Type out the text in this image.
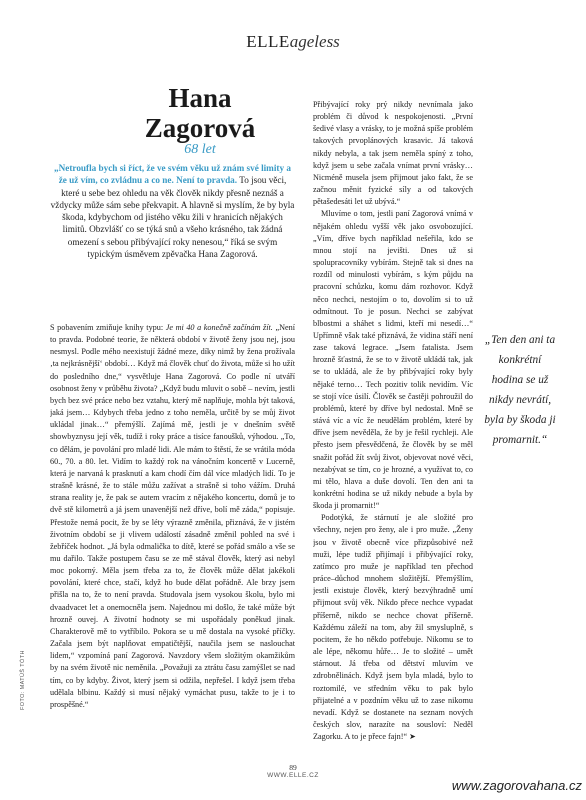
ELLEageless
Hana Zagorová
68 let
„Netroufla bych si říct, že ve svém věku už znám své limity a že už vím, co zvládnu a co ne. Není to pravda. To jsou věci, které u sebe bez ohledu na věk člověk nikdy přesně neznáš a vždycky může sám sebe překvapit. A hlavně si myslím, že by byla škoda, kdybychom od jistého věku žili v hranicích nějakých limitů. Obzvlášť co se týká snů a všeho krásného, tak žádná omezení s sebou přibývající roky nenesou,“ říká se svým typickým úsměvem zpěvačka Hana Zagorová.

S pobavením zmiňuje knihy typu: Je mi 40 a konečně začínám žít. „Není to pravda. Podobné teorie, že některá období v životě ženy jsou nej, jsou nesmysl. Podle mého neexistují žádné meze, díky nimž by žena prožívala ‚ta nejkrásnější‘ období… Když má člověk chuť do života, může si ho užít do posledního dne,“ vysvětluje Hana Zagorová. Co podle ní utváří osobnost ženy v průběhu života? „Když budu mluvit o sobě – nevím, jestli bych bez své práce nebo bez vztahu, který mě naplňuje, mohla být taková, jaká jsem… Kdybych třeba jedno z toho neměla, určitě by se můj život ukládal jinak…“ přemýšlí. Zajímá mě, jestli je v dnešním světě showbyznysu její věk, tudíž i roky práce a tisíce fanoušků, výhodou. „To, co dělám, je povolání pro mladé lidi. Ale mám to štěstí, že se vrátila móda 60., 70. a 80. let. Vidím to každý rok na vánočním koncertě v Lucerně, která je narvaná k prasknutí a kam chodí čím dál více mladých lidí. To je strašně krásné, že to stále můžu zažívat a strašně si toho vážím. Druhá strana reality je, že pak se autem vracím z nějakého koncertu, domů je to dvě stě kilometrů a já jsem unavenější než dříve, bolí mě záda,“ popisuje. Přestože nemá pocit, že by se léty výrazně změnila, přiznává, že v jistém životním období se ji vlivem událostí zásadně změnil pohled na své i žebříček hodnot. „Já byla odmalička to dítě, které se pořád smálo a vše se mu dařilo. Takže postupem času se ze mě stával člověk, který asi nebyl moc pokorný. Měla jsem třeba za to, že člověk může dělat jakékoli povolání, které chce, stačí, když ho bude dělat pořádně. Ale brzy jsem přišla na to, že to není pravda. Studovala jsem vysokou školu, bylo mi dvaadvacet let a onemocněla jsem. Najednou mi došlo, že také může být hrozně ouvej. A životní hodnoty se mi uspořádaly poněkud jinak. Charakterově mě to vytříbilo. Pokora se u mě dostala na vysoké příčky. Začala jsem být naplňovat empatičtější, naučila jsem se naslouchat lidem,“ vzpomíná paní Zagorová. Navzdory všem složitým okamžikům by na svém životě nic neměnila. „Považuji za ztrátu času zamýšlet se nad tím, co by kdyby. Život, který jsem si odžila, nepřešel. I když jsem třeba udělala blbinu. Každý si musí nějaký vymáchat pusu, takže to je i to prospěšné.“

Přibývající roky prý nikdy nevnímala jako problém či důvod k nespokojenosti. „První šedivé vlasy a vrásky, to je možná spíše problém takových prvoplánových krasavic. Já taková nikdy nebyla, a tak jsem neměla spíný z toho, když jsem u sebe začala vnímat první vrásky… Nicméně musela jsem přijmout jako fakt, že se začnou měnit fyzické síly a od takových pětašedesáti let už ubývá.“

Mluvíme o tom, jestli paní Zagorová vnímá v nějakém ohledu vyšší věk jako osvobozující. „Vím, dříve bych například nešeřila, kdo se mnou stojí na jevišti. Dnes už si spolupracovníky vybírám. Stejně tak si dnes na rozdíl od minulosti vybírám, s kým půjdu na pracovní schůzku, komu dám rozhovor. Když něco nechci, nestojím o to, dovolím si to už odmítnout. To je posun. Nechci se zabývat blbostmi a sháhet s lidmi, kteří mi nesedí…“ Upřímně však také přiznává, že vidina stáří není zase taková legrace. „Jsem fatalista. Jsem hrozně šťastná, že se to v životě ukládá tak, jak se to ukládá, ale že by přibývající roky byly nějaké terno… Tech pozitiv tolik nevidím. Víc se stojí více úsilí. Člověk se častěji pohroužil do problémů, které by dříve byl nedostal. Mně se stává víc a víc že neudělám problém, které by dříve jsem nevěděla, že by je řešil rychleji. Ale přesto jsem přesvědčená, že člověk by se měl snažit pořád žít svůj život, objevovat nové věci, nezabývat se tím, co je hrozné, a využívat to, co mi tělo, hlava a duše dovolí. Ten den ani ta konkrétní hodina se už nikdy nebude a byla by škoda ji promarnit!“

Podotýká, že stárnutí je ale složité pro všechny, nejen pro ženy, ale i pro muže. „Ženy jsou v životě obecně více přizpůsobivé než muži, lépe tudíž přijímají i přibývající roky, zatímco pro muže je například ten přechod práce–důchod mnohem složitější. Přemýšlím, jestli existuje člověk, který bezvýhradně umí přijmout svůj věk. Nikdo přece nechce vypadat příšerně, nikdo se nechce chovat příšerně. Každému záleží na tom, aby žil smysluplně, s pocitem, že ho někdo potřebuje. Nikomu se to ale lépe, někomu hůře… Je to složité – umět stárnout. Já třeba od dětství mluvím ve zdrobnělinách. Když jsem byla mladá, bylo to roztomilé, ve středním věku to pak bylo přijatelné a v pozdním věku už to zase nikomu nevadí. Když se dostanete na seznam nových českých slov, narazíte na sousloví: Neděl Zagorku. A to je přece fajn!“ ➤

„Ten den ani ta konkrétní hodina se už nikdy nevrátí, byla by škoda ji promarnit.“
FOTO: MATÚŠ TÓTH
89
WWW.ELLE.CZ
www.zagorovahana.cz
